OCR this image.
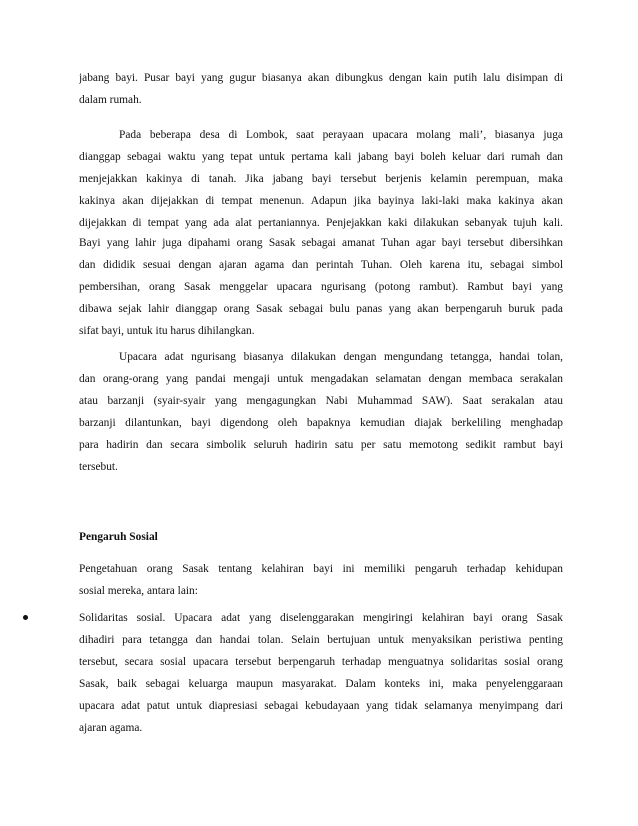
jabang bayi. Pusar bayi yang gugur biasanya akan dibungkus dengan kain putih lalu disimpan di
dalam rumah.
Pada beberapa desa di Lombok, saat perayaan upacara molang mali’, biasanya juga
dianggap sebagai waktu yang tepat untuk pertama kali jabang bayi boleh keluar dari rumah dan
menjejakkan kakinya di tanah. Jika jabang bayi tersebut berjenis kelamin perempuan, maka
kakinya akan dijejakkan di tempat menenun. Adapun jika bayinya laki-laki maka kakinya akan
dijejakkan di tempat yang ada alat pertaniannya. Penjejakkan kaki dilakukan sebanyak tujuh kali.
Bayi yang lahir juga dipahami orang Sasak sebagai amanat Tuhan agar bayi tersebut dibersihkan
dan dididik sesuai dengan ajaran agama dan perintah Tuhan. Oleh karena itu, sebagai simbol
pembersihan, orang Sasak menggelar upacara ngurisang (potong rambut). Rambut bayi yang
dibawa sejak lahir dianggap orang Sasak sebagai bulu panas yang akan berpengaruh buruk pada
sifat bayi, untuk itu harus dihilangkan.
Upacara adat ngurisang biasanya dilakukan dengan mengundang tetangga, handai tolan,
dan orang-orang yang pandai mengaji untuk mengadakan selamatan dengan membaca serakalan
atau barzanji (syair-syair yang mengagungkan Nabi Muhammad SAW). Saat serakalan atau
barzanji dilantunkan, bayi digendong oleh bapaknya kemudian diajak berkeliling menghadap
para hadirin dan secara simbolik seluruh hadirin satu per satu memotong sedikit rambut bayi
tersebut.
Pengaruh Sosial
Pengetahuan orang Sasak tentang kelahiran bayi ini memiliki pengaruh terhadap kehidupan
sosial mereka, antara lain:
Solidaritas sosial. Upacara adat yang diselenggarakan mengiringi kelahiran bayi orang Sasak
dihadiri para tetangga dan handai tolan. Selain bertujuan untuk menyaksikan peristiwa penting
tersebut, secara sosial upacara tersebut berpengaruh terhadap menguatnya solidaritas sosial orang
Sasak, baik sebagai keluarga maupun masyarakat. Dalam konteks ini, maka penyelenggaraan
upacara adat patut untuk diapresiasi sebagai kebudayaan yang tidak selamanya menyimpang dari
ajaran agama.
